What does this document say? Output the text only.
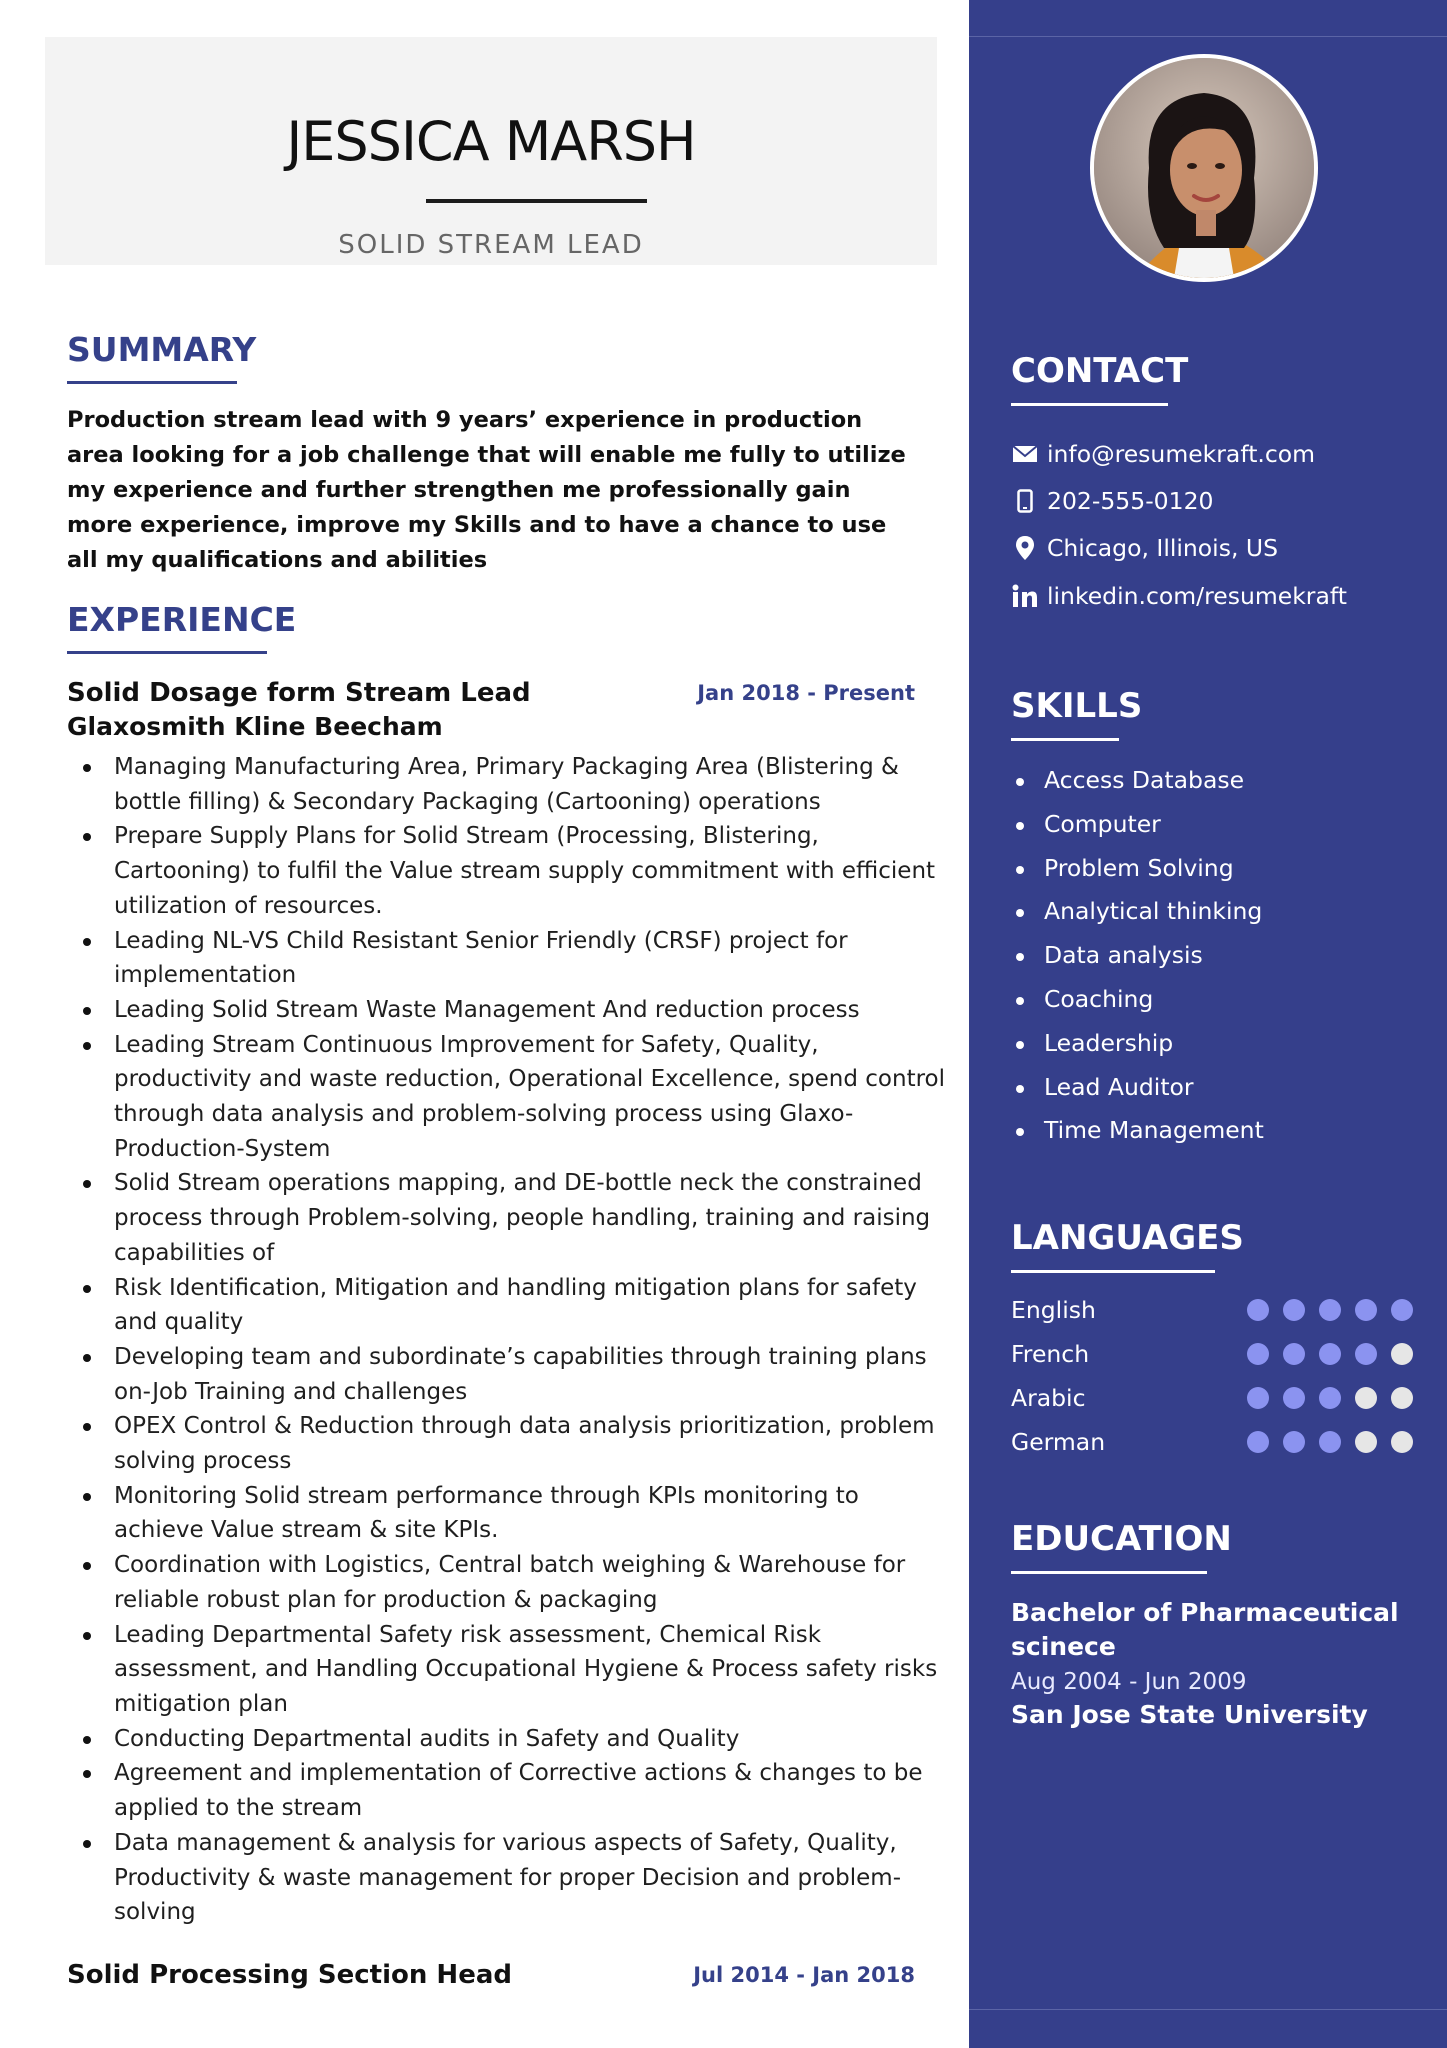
JESSICA MARSH
SOLID STREAM LEAD
SUMMARY
Production stream lead with 9 years’ experience in production area looking for a job challenge that will enable me fully to utilize my experience and further strengthen me professionally gain more experience, improve my Skills and to have a chance to use all my qualifications and abilities
EXPERIENCE
Solid Dosage form Stream Lead	Jan 2018 - Present
Glaxosmith Kline Beecham
Managing Manufacturing Area, Primary Packaging Area (Blistering & bottle filling) & Secondary Packaging (Cartooning) operations
Prepare Supply Plans for Solid Stream (Processing, Blistering, Cartooning) to fulfil the Value stream supply commitment with efficient utilization of resources.
Leading NL-VS Child Resistant Senior Friendly (CRSF) project for implementation
Leading Solid Stream Waste Management And reduction process
Leading Stream Continuous Improvement for Safety, Quality, productivity and waste reduction, Operational Excellence, spend control through data analysis and problem-solving process using Glaxo-Production-System
Solid Stream operations mapping, and DE-bottle neck the constrained process through Problem-solving, people handling, training and raising capabilities of
Risk Identification, Mitigation and handling mitigation plans for safety and quality
Developing team and subordinate’s capabilities through training plans on-Job Training and challenges
OPEX Control & Reduction through data analysis prioritization, problem solving process
Monitoring Solid stream performance through KPIs monitoring to achieve Value stream & site KPIs.
Coordination with Logistics, Central batch weighing & Warehouse for reliable robust plan for production & packaging
Leading Departmental Safety risk assessment, Chemical Risk assessment, and Handling Occupational Hygiene & Process safety risks mitigation plan
Conducting Departmental audits in Safety and Quality
Agreement and implementation of Corrective actions & changes to be applied to the stream
Data management & analysis for various aspects of Safety, Quality, Productivity & waste management for proper Decision and problem-solving
Solid Processing Section Head	Jul 2014 - Jan 2018
CONTACT
info@resumekraft.com
202-555-0120
Chicago, Illinois, US
linkedin.com/resumekraft
SKILLS
Access Database
Computer
Problem Solving
Analytical thinking
Data analysis
Coaching
Leadership
Lead Auditor
Time Management
LANGUAGES
English
French
Arabic
German
EDUCATION
Bachelor of Pharmaceutical scinece
Aug 2004 - Jun 2009
San Jose State University
